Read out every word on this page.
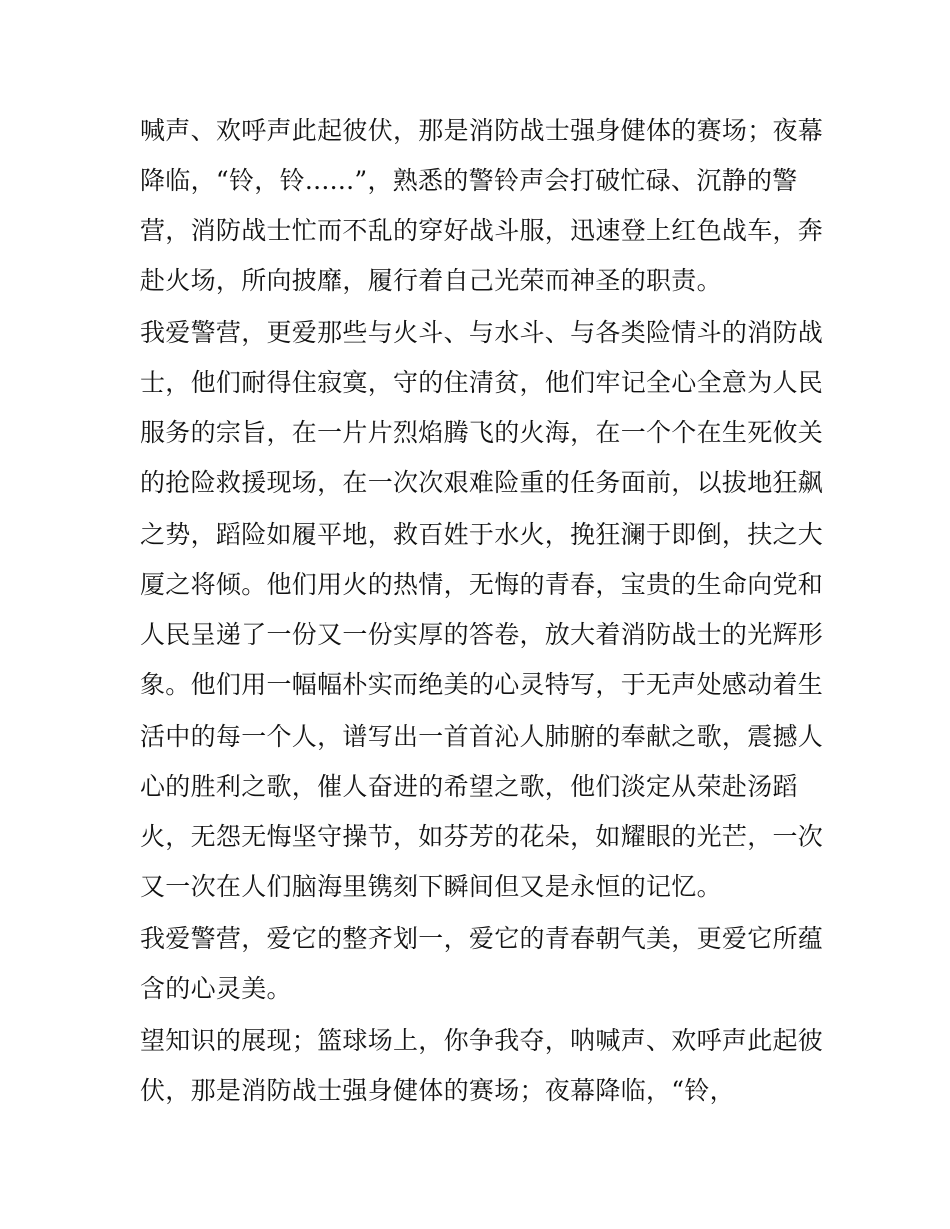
喊声、欢呼声此起彼伏，那是消防战士强身健体的赛场；夜幕
降临，“铃，铃......”，熟悉的警铃声会打破忙碌、沉静的警
营，消防战士忙而不乱的穿好战斗服，迅速登上红色战车，奔
赴火场，所向披靡，履行着自己光荣而神圣的职责。
我爱警营，更爱那些与火斗、与水斗、与各类险情斗的消防战
士，他们耐得住寂寞，守的住清贫，他们牢记全心全意为人民
服务的宗旨，在一片片烈焰腾飞的火海，在一个个在生死攸关
的抢险救援现场，在一次次艰难险重的任务面前，以拔地狂飙
之势，蹈险如履平地，救百姓于水火，挽狂澜于即倒，扶之大
厦之将倾。他们用火的热情，无悔的青春，宝贵的生命向党和
人民呈递了一份又一份实厚的答卷，放大着消防战士的光辉形
象。他们用一幅幅朴实而绝美的心灵特写，于无声处感动着生
活中的每一个人，谱写出一首首沁人肺腑的奉献之歌，震撼人
心的胜利之歌，催人奋进的希望之歌，他们淡定从荣赴汤蹈
火，无怨无悔坚守操节，如芬芳的花朵，如耀眼的光芒，一次
又一次在人们脑海里镌刻下瞬间但又是永恒的记忆。
我爱警营，爱它的整齐划一，爱它的青春朝气美，更爱它所蕴
含的心灵美。
望知识的展现；篮球场上，你争我夺，呐喊声、欢呼声此起彼
伏，那是消防战士强身健体的赛场；夜幕降临，“铃，
